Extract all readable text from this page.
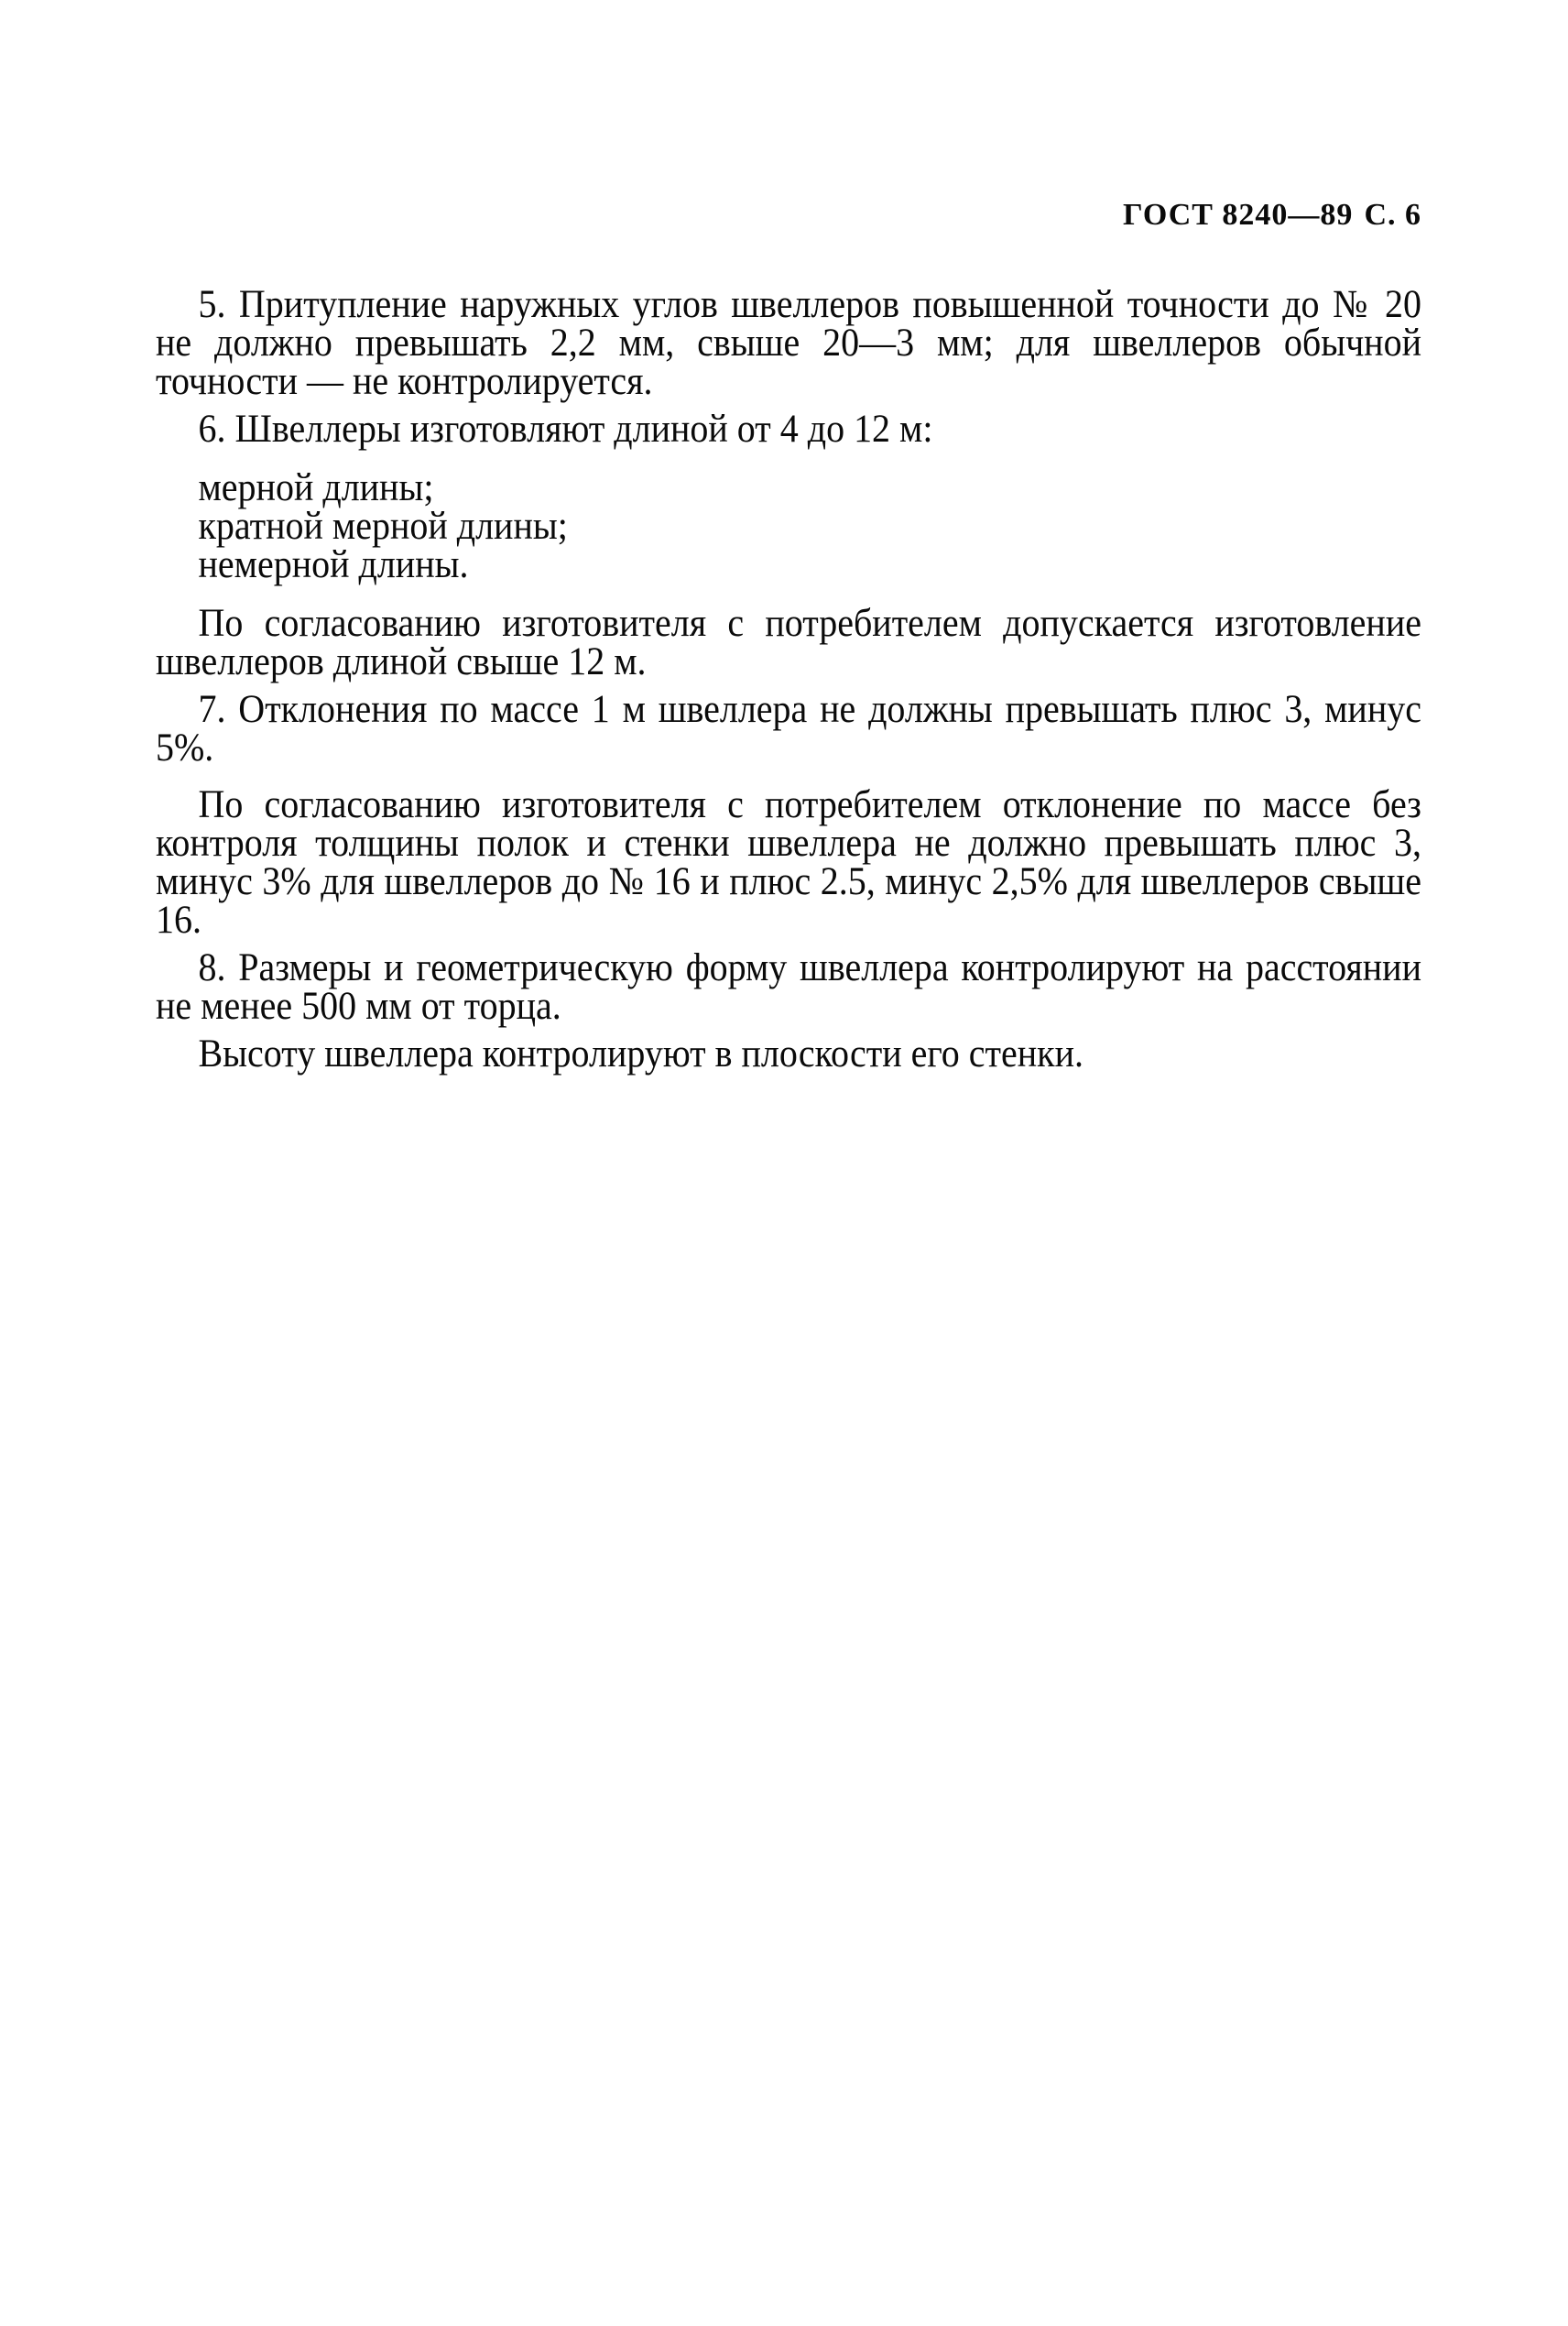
ГОСТ 8240—89 С. 6

5. Притупление наружных углов швеллеров повышенной точности до № 20 не должно превышать 2,2 мм, свыше 20—3 мм; для швеллеров обычной точности — не контролируется.

6. Швеллеры изготовляют длиной от 4 до 12 м:

мерной длины;

кратной мерной длины;

немерной длины.

По согласованию изготовителя с потребителем допускается изготовление швеллеров длиной свыше 12 м.

7. Отклонения по массе 1 м швеллера не должны превышать плюс 3, минус 5%.

По согласованию изготовителя с потребителем отклонение по массе без контроля толщины полок и стенки швеллера не должно превышать плюс 3, минус 3% для швеллеров до № 16 и плюс 2.5, минус 2,5% для швеллеров свыше 16.

8. Размеры и геометрическую форму швеллера контролируют на расстоянии не менее 500 мм от торца.

Высоту швеллера контролируют в плоскости его стенки.
